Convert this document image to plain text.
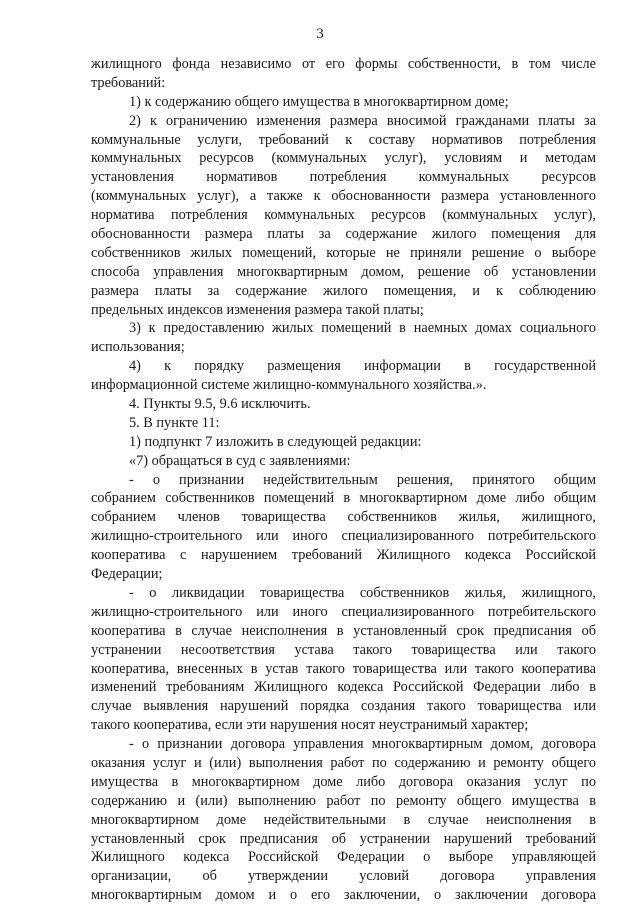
3
жилищного фонда независимо от его формы собственности, в том числе
требований:
1) к содержанию общего имущества в многоквартирном доме;
2) к ограничению изменения размера вносимой гражданами платы за
коммунальные услуги, требований к составу нормативов потребления
коммунальных ресурсов (коммунальных услуг), условиям и методам
установления нормативов потребления коммунальных ресурсов
(коммунальных услуг), а также к обоснованности размера установленного
норматива потребления коммунальных ресурсов (коммунальных услуг),
обоснованности размера платы за содержание жилого помещения для
собственников жилых помещений, которые не приняли решение о выборе
способа управления многоквартирным домом, решение об установлении
размера платы за содержание жилого помещения, и к соблюдению
предельных индексов изменения размера такой платы;
3) к предоставлению жилых помещений в наемных домах социального
использования;
4) к порядку размещения информации в государственной
информационной системе жилищно-коммунального хозяйства.».
4. Пункты 9.5, 9.6 исключить.
5. В пункте 11:
1) подпункт 7 изложить в следующей редакции:
«7) обращаться в суд с заявлениями:
- о признании недействительным решения, принятого общим
собранием собственников помещений в многоквартирном доме либо общим
собранием членов товарищества собственников жилья, жилищного,
жилищно-строительного или иного специализированного потребительского
кооператива с нарушением требований Жилищного кодекса Российской
Федерации;
- о ликвидации товарищества собственников жилья, жилищного,
жилищно-строительного или иного специализированного потребительского
кооператива в случае неисполнения в установленный срок предписания об
устранении несоответствия устава такого товарищества или такого
кооператива, внесенных в устав такого товарищества или такого кооператива
изменений требованиям Жилищного кодекса Российской Федерации либо в
случае выявления нарушений порядка создания такого товарищества или
такого кооператива, если эти нарушения носят неустранимый характер;
- о признании договора управления многоквартирным домом, договора
оказания услуг и (или) выполнения работ по содержанию и ремонту общего
имущества в многоквартирном доме либо договора оказания услуг по
содержанию и (или) выполнению работ по ремонту общего имущества в
многоквартирном доме недействительными в случае неисполнения в
установленный срок предписания об устранении нарушений требований
Жилищного кодекса Российской Федерации о выборе управляющей
организации, об утверждении условий договора управления
многоквартирным домом и о его заключении, о заключении договора
